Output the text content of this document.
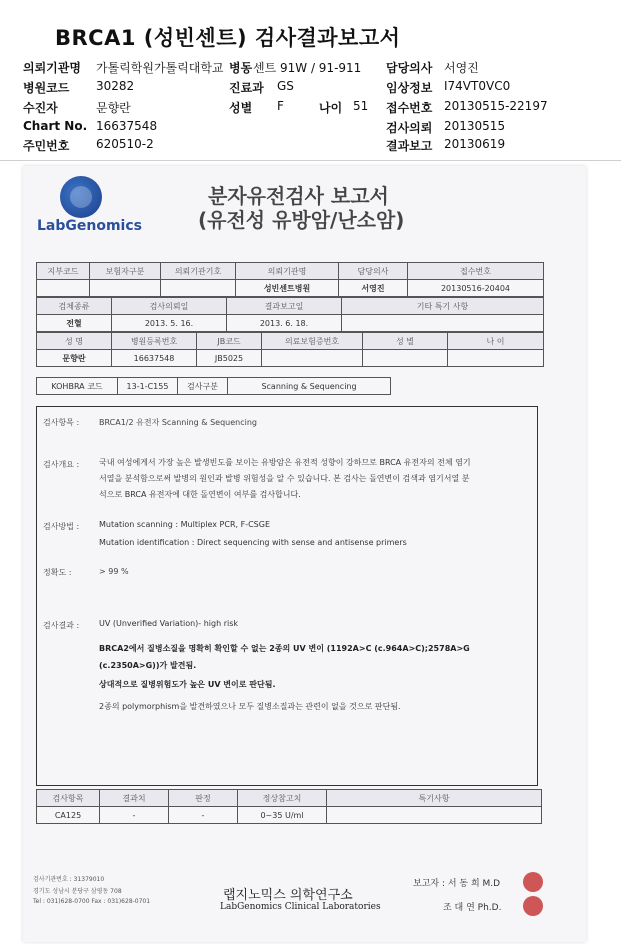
BRCA1 (성빈센트) 검사결과보고서
의뢰기관명 가톨릭학원가톨릭대학교 병동 센트 91W / 91-911 담당의사 서영진
병원코드 30282	진료과 GS	임상정보 I74VT0VC0
수진자	문향란	성별 F	나이 51 접수번호 20130515-22197
Chart No. 16637548	검사의뢰 20130515
주민번호 620510-2	결과보고 20130619
LabGenomics
분자유전검사 보고서
(유전성 유방암/난소암)
지부코드	보험자구분	의뢰기관기호	의뢰기관명	담당의사	접수번호
			성빈센트병원	서영진	20130516-20404
검체종류	검사의뢰일	결과보고일	기타 특기 사항
전혈	2013. 5. 16.	2013. 6. 18.	
성 명	병원등록번호	JB코드	의료보험증번호	성 별	나 이
문향란	16637548	JB5025			
KOHBRA 코드	13-1-C155	검사구분	Scanning & Sequencing
검사항목 : BRCA1/2 유전자 Scanning & Sequencing
검사개요 : 국내 여성에게서 가장 높은 발생빈도를 보이는 유방암은 유전적 성향이 강하므로 BRCA 유전자의 전체 염기
서열을 분석함으로써 발병의 원인과 발병 위험성을 알 수 있습니다. 본 검사는 돌연변이 검색과 염기서열 분
석으로 BRCA 유전자에 대한 돌연변이 여부를 검사합니다.
검사방법 : Mutation scanning : Multiplex PCR, F-CSGE
Mutation identification : Direct sequencing with sense and antisense primers
정확도 :	> 99 %
검사결과 : UV (Unverified Variation)- high risk
BRCA2에서 질병소질을 명확히 확인할 수 없는 2종의 UV 변이 (1192A>C (c.964A>C);2578A>G
(c.2350A>G))가 발견됨.
상대적으로 질병위험도가 높은 UV 변이로 판단됨.
2종의 polymorphism을 발견하였으나 모두 질병소질과는 관련이 없을 것으로 판단됨.
검사항목	결과치	판정	정상참고치	특기사항
CA125	-	-	0~35 U/ml	
검사기관번호 : 31379010
경기도 성남시 분당구 삼평동 708
Tel : 031)628-0700 Fax : 031)628-0701	랩지노믹스 의학연구소
LabGenomics Clinical Laboratories
보고자 : 서 동 희 M.D
조 대 연 Ph.D.
